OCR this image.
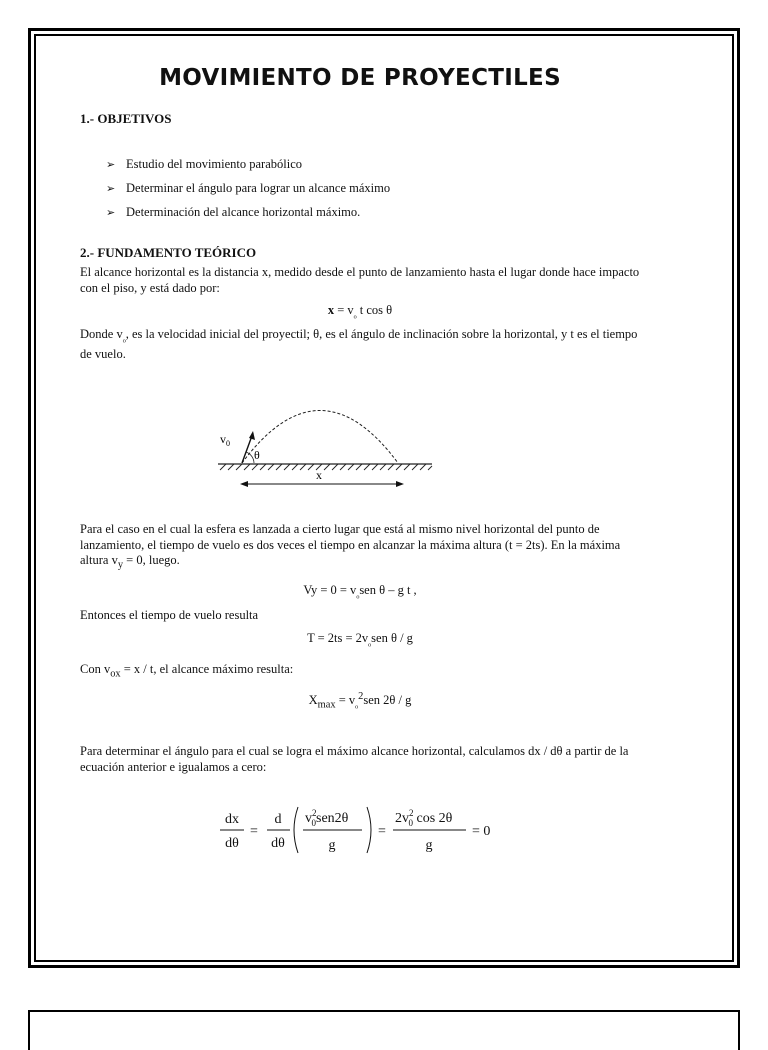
MOVIMIENTO DE PROYECTILES
1.- OBJETIVOS
➢ Estudio del movimiento parabólico
➢ Determinar el ángulo para lograr un alcance máximo
➢ Determinación del alcance horizontal máximo.
2.- FUNDAMENTO TEÓRICO

El alcance horizontal es la distancia x, medido desde el punto de lanzamiento hasta el lugar donde hace impacto con el piso, y está dado por:

$x = v_{_o}$ t cos θ

Donde $v_{_o}$, es la velocidad inicial del proyectil; θ, es el ángulo de inclinación sobre la horizontal, y t es el tiempo de vuelo.

$v_0$
θ
x

Para el caso en el cual la esfera es lanzada a cierto lugar que está al mismo nivel horizontal del punto de lanzamiento, el tiempo de vuelo es dos veces el tiempo en alcanzar la máxima altura (t = 2ts). En la máxima altura $v_y = 0$, luego.

$Vy = 0 = v_{_o}sen$ θ – g t ,

Entonces el tiempo de vuelo resulta

$T = 2ts = 2v_{_o}sen$ θ / g

Con $v_{ox} = x / t$, el alcance máximo resulta:

$X_{max} = v_{_o}^2sen$ 2θ / g

Para determinar el ángulo para el cual se logra el máximo alcance horizontal, calculamos dx / dθ a partir de la ecuación anterior e igualamos a cero:

dx
dθ
=
d
dθ
$v^2$ 0sen2θ
g
=
$2v^2$ 0 cos 2θ
g
= 0
